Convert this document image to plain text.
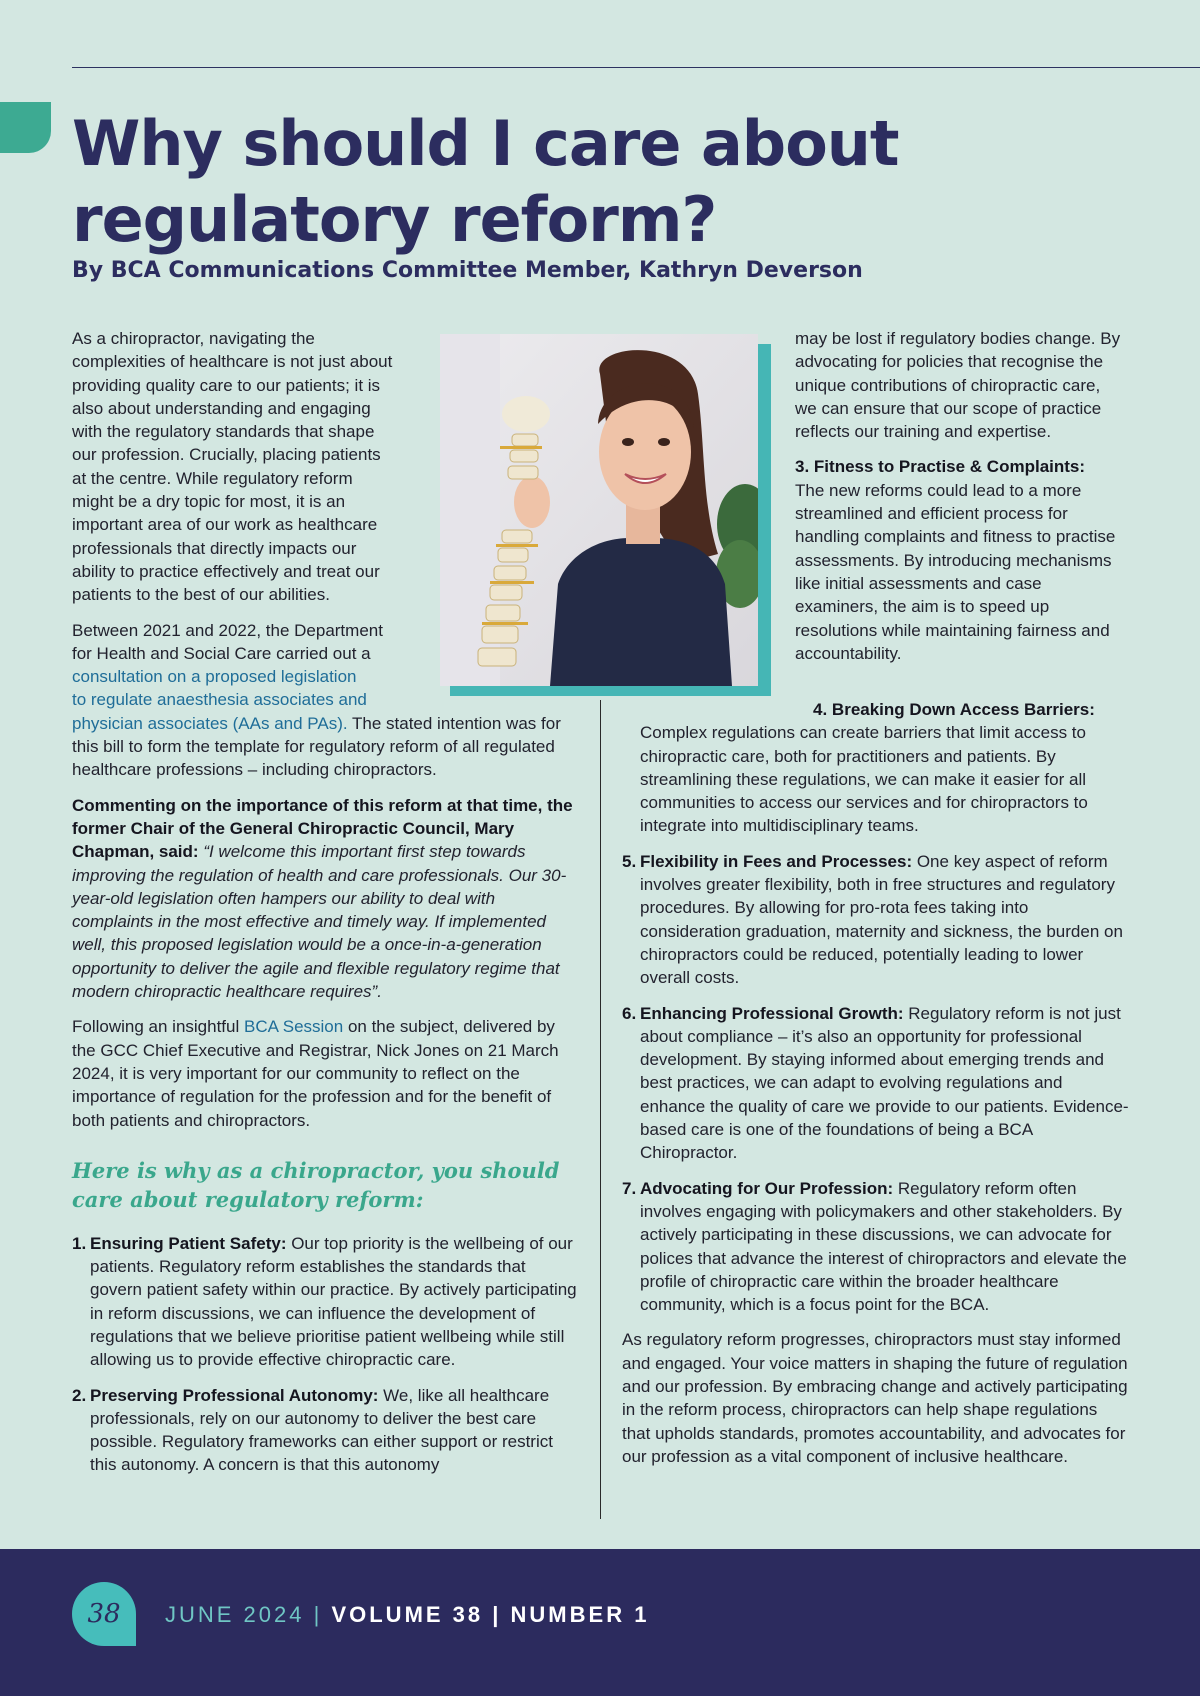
Why should I care about regulatory reform?

By BCA Communications Committee Member, Kathryn Deverson

As a chiropractor, navigating the
complexities of healthcare is not just about
providing quality care to our patients; it is
also about understanding and engaging
with the regulatory standards that shape
our profession. Crucially, placing patients
at the centre. While regulatory reform
might be a dry topic for most, it is an
important area of our work as healthcare
professionals that directly impacts our
ability to practice effectively and treat our
patients to the best of our abilities.

Between 2021 and 2022, the Department
for Health and Social Care carried out a
consultation on a proposed legislation
to regulate anaesthesia associates and
physician associates (AAs and PAs). The stated intention was for this bill to form the template for regulatory reform of all regulated healthcare professions – including chiropractors.

Commenting on the importance of this reform at that time, the former Chair of the General Chiropractic Council, Mary Chapman, said: “I welcome this important first step towards improving the regulation of health and care professionals. Our 30-year-old legislation often hampers our ability to deal with complaints in the most effective and timely way. If implemented well, this proposed legislation would be a once-in-a-generation opportunity to deliver the agile and flexible regulatory regime that modern chiropractic healthcare requires”.

Following an insightful BCA Session on the subject, delivered by the GCC Chief Executive and Registrar, Nick Jones on 21 March 2024, it is very important for our community to reflect on the importance of regulation for the profession and for the benefit of both patients and chiropractors.

Here is why as a chiropractor, you should care about regulatory reform:
1. Ensuring Patient Safety: Our top priority is the wellbeing of our patients. Regulatory reform establishes the standards that govern patient safety within our practice. By actively participating in reform discussions, we can influence the development of regulations that we believe prioritise patient wellbeing while still allowing us to provide effective chiropractic care.
2. Preserving Professional Autonomy: We, like all healthcare professionals, rely on our autonomy to deliver the best care possible. Regulatory frameworks can either support or restrict this autonomy. A concern is that this autonomy

may be lost if regulatory bodies change. By advocating for policies that recognise the unique contributions of chiropractic care, we can ensure that our scope of practice reflects our training and expertise.

3. Fitness to Practise & Complaints:
The new reforms could lead to a more streamlined and efficient process for handling complaints and fitness to practise assessments. By introducing mechanisms like initial assessments and case examiners, the aim is to speed up resolutions while maintaining fairness and accountability.

4. Breaking Down Access Barriers:
Complex regulations can create barriers that limit access to chiropractic care, both for practitioners and patients. By streamlining these regulations, we can make it easier for all communities to access our services and for chiropractors to integrate into multidisciplinary teams.
5. Flexibility in Fees and Processes: One key aspect of reform involves greater flexibility, both in free structures and regulatory procedures. By allowing for pro-rota fees taking into consideration graduation, maternity and sickness, the burden on chiropractors could be reduced, potentially leading to lower overall costs.
6. Enhancing Professional Growth: Regulatory reform is not just about compliance – it’s also an opportunity for professional development. By staying informed about emerging trends and best practices, we can adapt to evolving regulations and enhance the quality of care we provide to our patients. Evidence-based care is one of the foundations of being a BCA Chiropractor.
7. Advocating for Our Profession: Regulatory reform often involves engaging with policymakers and other stakeholders. By actively participating in these discussions, we can advocate for polices that advance the interest of chiropractors and elevate the profile of chiropractic care within the broader healthcare community, which is a focus point for the BCA.

As regulatory reform progresses, chiropractors must stay informed and engaged. Your voice matters in shaping the future of regulation and our profession. By embracing change and actively participating in the reform process, chiropractors can help shape regulations that upholds standards, promotes accountability, and advocates for our profession as a vital component of inclusive healthcare.

38	JUNE 2024 | VOLUME 38 | NUMBER 1
